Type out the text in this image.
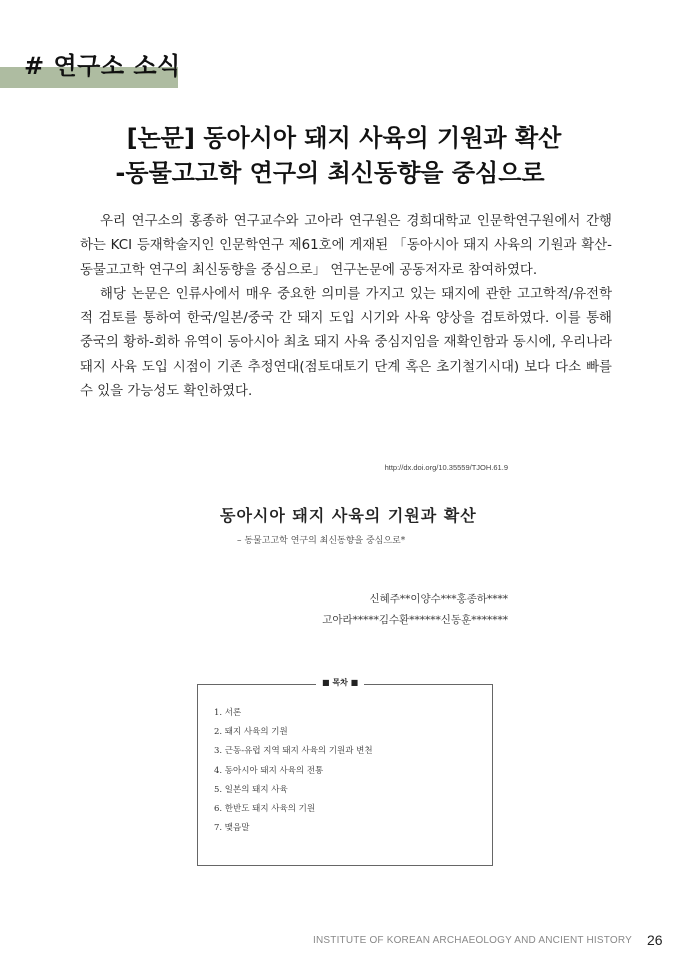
# 연구소 소식
[논문] 동아시아 돼지 사육의 기원과 확산
-동물고고학 연구의 최신동향을 중심으로

우리 연구소의 홍종하 연구교수와 고아라 연구원은 경희대학교 인문학연구원에서 간행하는 KCI 등재학술지인 인문학연구 제61호에 게재된 「동아시아 돼지 사육의 기원과 확산-동물고고학 연구의 최신동향을 중심으로」 연구논문에 공동저자로 참여하였다.

해당 논문은 인류사에서 매우 중요한 의미를 가지고 있는 돼지에 관한 고고학적/유전학적 검토를 통하여 한국/일본/중국 간 돼지 도입 시기와 사육 양상을 검토하였다. 이를 통해 중국의 황하-회하 유역이 동아시아 최초 돼지 사육 중심지임을 재확인함과 동시에, 우리나라 돼지 사육 도입 시점이 기존 추정연대(점토대토기 단계 혹은 초기철기시대) 보다 다소 빠를 수 있을 가능성도 확인하였다.

http://dx.doi.org/10.35559/TJOH.61.9
동아시아 돼지 사육의 기원과 확산
– 동물고고학 연구의 최신동향을 중심으로*
신혜주**이양수***홍종하****
고아라*****김수환******신동훈*******
■ 목차 ■
1. 서론
2. 돼지 사육의 기원
3. 근동-유럽 지역 돼지 사육의 기원과 변천
4. 동아시아 돼지 사육의 전통
5. 일본의 돼지 사육
6. 한반도 돼지 사육의 기원
7. 맺음말
INSTITUTE OF KOREAN ARCHAEOLOGY AND ANCIENT HISTORY 26
